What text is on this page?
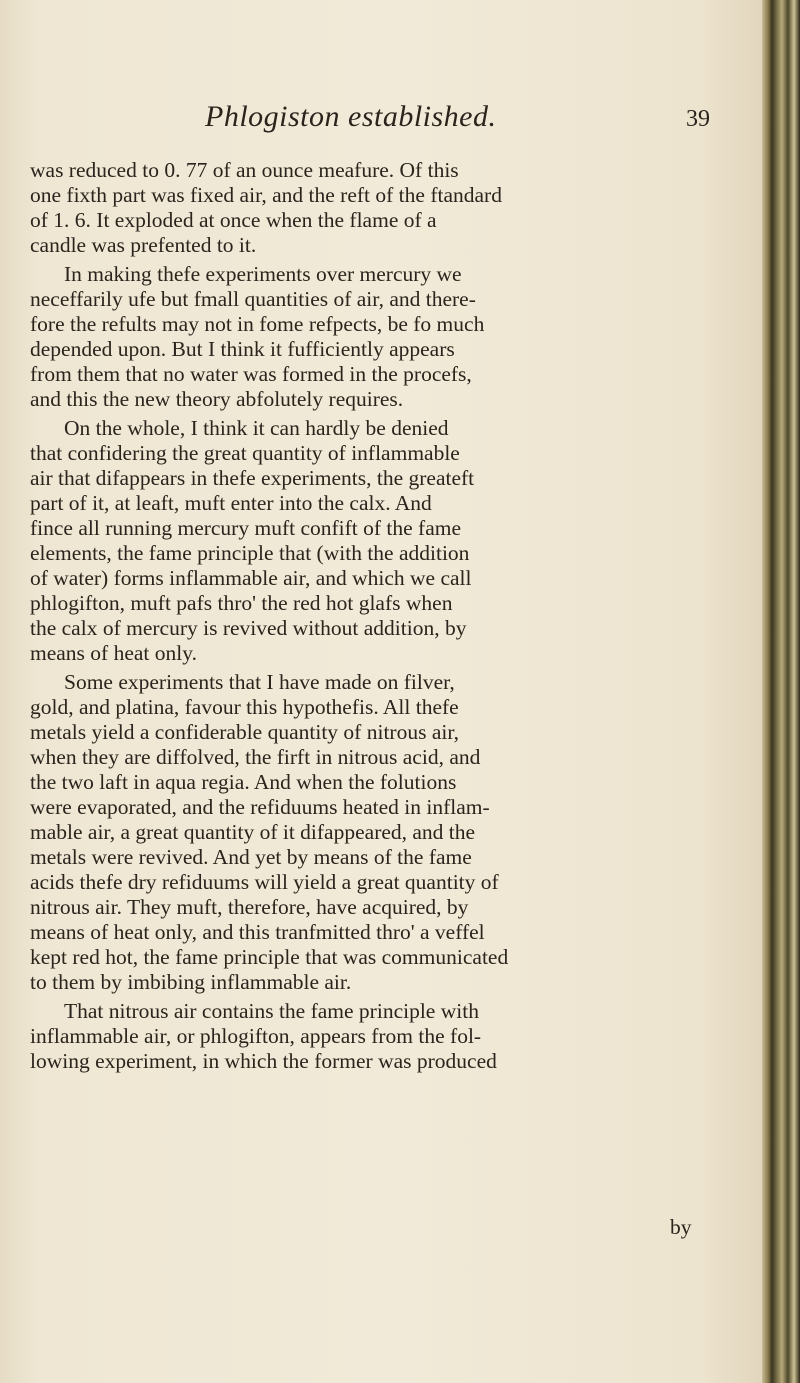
Phlogiston established.	39
was reduced to 0. 77 of an ounce meafure. Of this
one fixth part was fixed air, and the reft of the ftandard
of 1. 6. It exploded at once when the flame of a
candle was prefented to it.
In making thefe experiments over mercury we
neceffarily ufe but fmall quantities of air, and there-
fore the refults may not in fome refpects, be fo much
depended upon. But I think it fufficiently appears
from them that no water was formed in the procefs,
and this the new theory abfolutely requires.
On the whole, I think it can hardly be denied
that confidering the great quantity of inflammable
air that difappears in thefe experiments, the greateft
part of it, at leaft, muft enter into the calx. And
fince all running mercury muft confift of the fame
elements, the fame principle that (with the addition
of water) forms inflammable air, and which we call
phlogifton, muft pafs thro' the red hot glafs when
the calx of mercury is revived without addition, by
means of heat only.
Some experiments that I have made on filver,
gold, and platina, favour this hypothefis. All thefe
metals yield a confiderable quantity of nitrous air,
when they are diffolved, the firft in nitrous acid, and
the two laft in aqua regia. And when the folutions
were evaporated, and the refiduums heated in inflam-
mable air, a great quantity of it difappeared, and the
metals were revived. And yet by means of the fame
acids thefe dry refiduums will yield a great quantity of
nitrous air. They muft, therefore, have acquired, by
means of heat only, and this tranfmitted thro' a veffel
kept red hot, the fame principle that was communicated
to them by imbibing inflammable air.
That nitrous air contains the fame principle with
inflammable air, or phlogifton, appears from the fol-
lowing experiment, in which the former was produced
by
